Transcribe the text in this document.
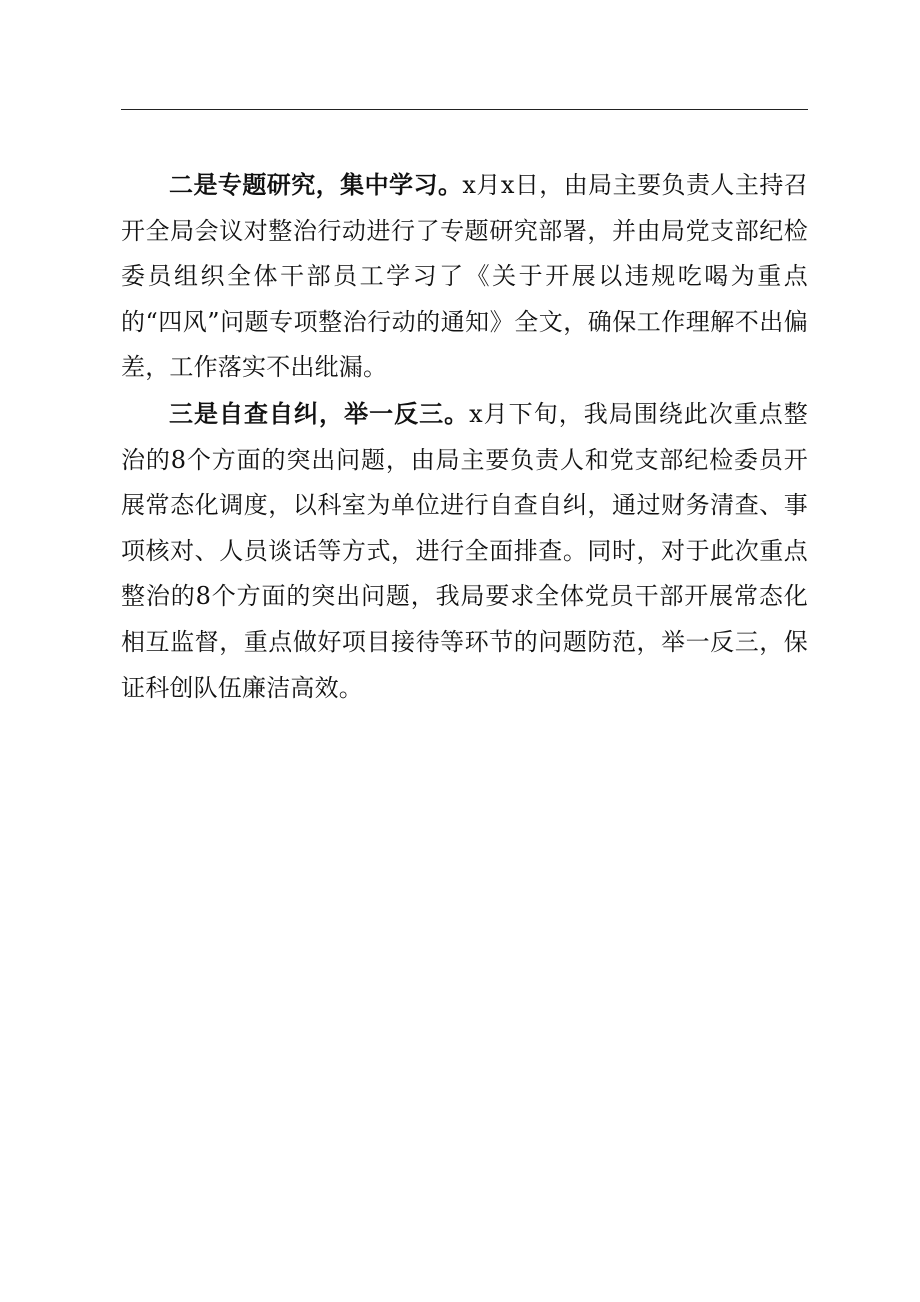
二是专题研究，集中学习。x月x日，由局主要负责人主持召开全局会议对整治行动进行了专题研究部署，并由局党支部纪检委员组织全体干部员工学习了《关于开展以违规吃喝为重点的“四风”问题专项整治行动的通知》全文，确保工作理解不出偏差，工作落实不出纰漏。

三是自查自纠，举一反三。x月下旬，我局围绕此次重点整治的8个方面的突出问题，由局主要负责人和党支部纪检委员开展常态化调度，以科室为单位进行自查自纠，通过财务清查、事项核对、人员谈话等方式，进行全面排查。同时，对于此次重点整治的8个方面的突出问题，我局要求全体党员干部开展常态化相互监督，重点做好项目接待等环节的问题防范，举一反三，保证科创队伍廉洁高效。
